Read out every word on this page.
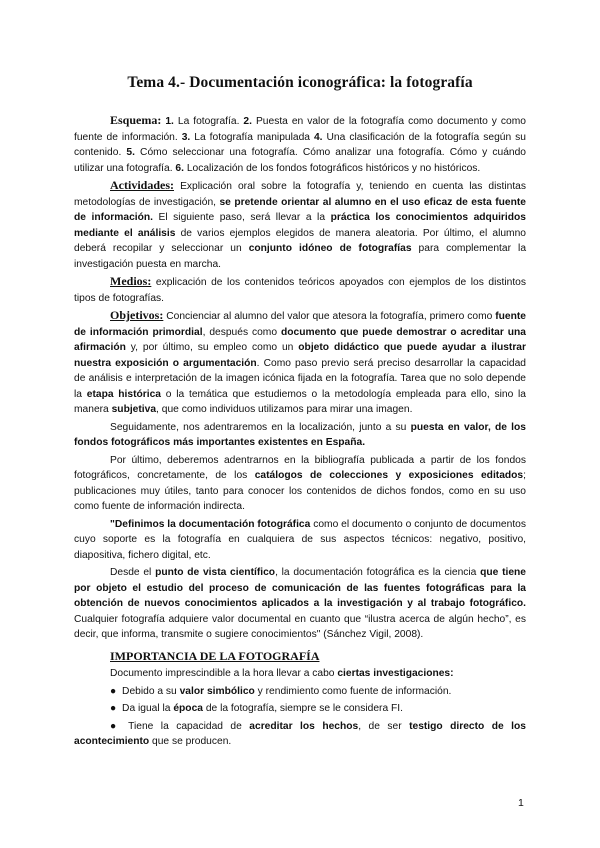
Tema 4.- Documentación iconográfica: la fotografía

Esquema: 1. La fotografía. 2. Puesta en valor de la fotografía como documento y como fuente de información. 3. La fotografía manipulada 4. Una clasificación de la fotografía según su contenido. 5. Cómo seleccionar una fotografía. Cómo analizar una fotografía. Cómo y cuándo utilizar una fotografía. 6. Localización de los fondos fotográficos históricos y no históricos.

Actividades: Explicación oral sobre la fotografía y, teniendo en cuenta las distintas metodologías de investigación, se pretende orientar al alumno en el uso eficaz de esta fuente de información. El siguiente paso, será llevar a la práctica los conocimientos adquiridos mediante el análisis de varios ejemplos elegidos de manera aleatoria. Por último, el alumno deberá recopilar y seleccionar un conjunto idóneo de fotografías para complementar la investigación puesta en marcha.

Medios: explicación de los contenidos teóricos apoyados con ejemplos de los distintos tipos de fotografías.

Objetivos: Concienciar al alumno del valor que atesora la fotografía, primero como fuente de información primordial, después como documento que puede demostrar o acreditar una afirmación y, por último, su empleo como un objeto didáctico que puede ayudar a ilustrar nuestra exposición o argumentación. Como paso previo será preciso desarrollar la capacidad de análisis e interpretación de la imagen icónica fijada en la fotografía. Tarea que no solo depende la etapa histórica o la temática que estudiemos o la metodología empleada para ello, sino la manera subjetiva, que como individuos utilizamos para mirar una imagen.

Seguidamente, nos adentraremos en la localización, junto a su puesta en valor, de los fondos fotográficos más importantes existentes en España.

Por último, deberemos adentrarnos en la bibliografía publicada a partir de los fondos fotográficos, concretamente, de los catálogos de colecciones y exposiciones editados; publicaciones muy útiles, tanto para conocer los contenidos de dichos fondos, como en su uso como fuente de información indirecta.

"Definimos la documentación fotográfica como el documento o conjunto de documentos cuyo soporte es la fotografía en cualquiera de sus aspectos técnicos: negativo, positivo, diapositiva, fichero digital, etc.

Desde el punto de vista científico, la documentación fotográfica es la ciencia que tiene por objeto el estudio del proceso de comunicación de las fuentes fotográficas para la obtención de nuevos conocimientos aplicados a la investigación y al trabajo fotográfico. Cualquier fotografía adquiere valor documental en cuanto que “ilustra acerca de algún hecho”, es decir, que informa, transmite o sugiere conocimientos" (Sánchez Vigil, 2008).

IMPORTANCIA DE LA FOTOGRAFÍA

Documento imprescindible a la hora llevar a cabo ciertas investigaciones:

● Debido a su valor simbólico y rendimiento como fuente de información.

● Da igual la época de la fotografía, siempre se le considera FI.

● Tiene la capacidad de acreditar los hechos, de ser testigo directo de los acontecimiento que se producen.

1
